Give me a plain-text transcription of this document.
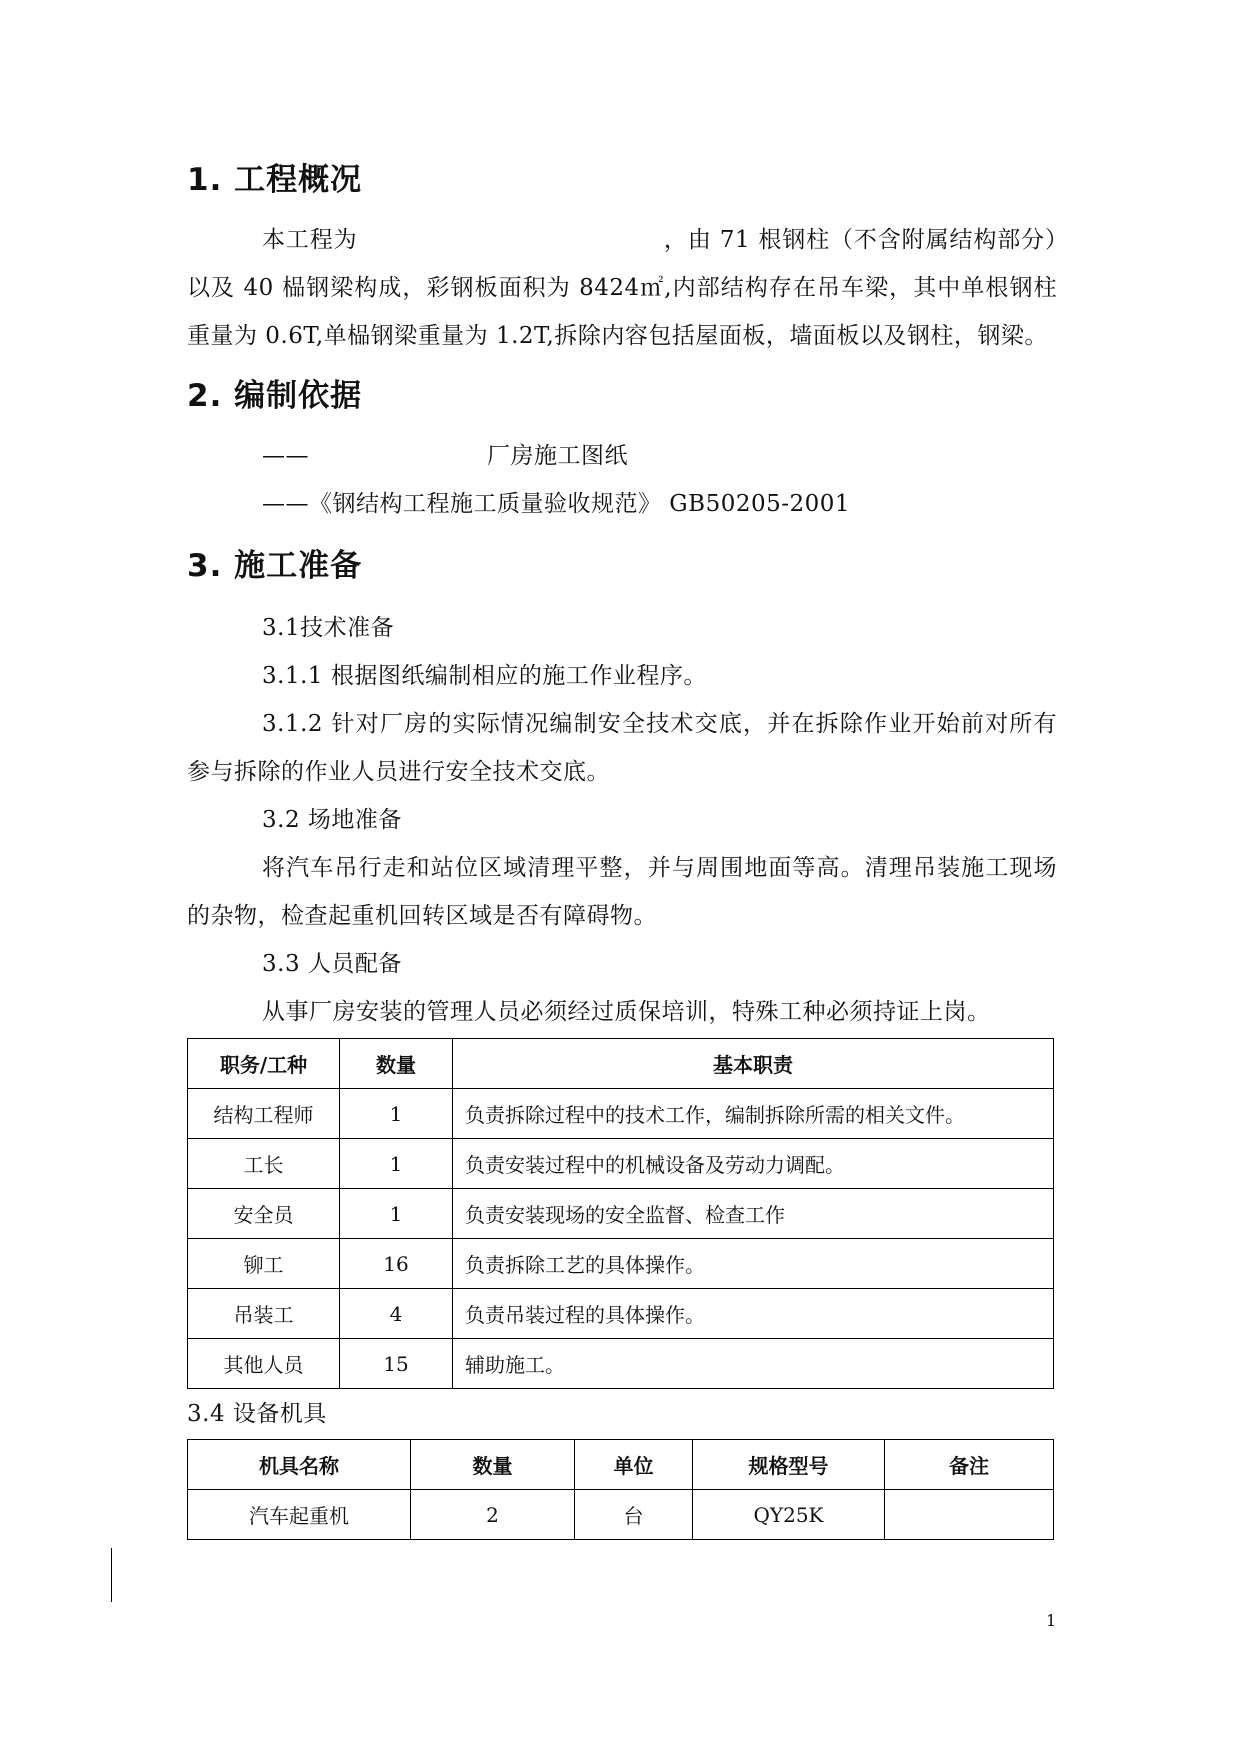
1. 工程概况

本工程为	，由 71 根钢柱（不含附属结构部分）以及 40 榀钢梁构成，彩钢板面积为 8424㎡,内部结构存在吊车梁，其中单根钢柱重量为 0.6T,单榀钢梁重量为 1.2T,拆除内容包括屋面板，墙面板以及钢柱，钢梁。

2. 编制依据

——	厂房施工图纸

——《钢结构工程施工质量验收规范》 GB50205-2001

3. 施工准备

3.1技术准备

3.1.1 根据图纸编制相应的施工作业程序。

3.1.2 针对厂房的实际情况编制安全技术交底，并在拆除作业开始前对所有参与拆除的作业人员进行安全技术交底。

3.2 场地准备

将汽车吊行走和站位区域清理平整，并与周围地面等高。清理吊装施工现场的杂物，检查起重机回转区域是否有障碍物。

3.3 人员配备

从事厂房安装的管理人员必须经过质保培训，特殊工种必须持证上岗。

职务/工种	数量	基本职责
结构工程师	1	负责拆除过程中的技术工作，编制拆除所需的相关文件。
工长	1	负责安装过程中的机械设备及劳动力调配。
安全员	1	负责安装现场的安全监督、检查工作
铆工	16	负责拆除工艺的具体操作。
吊装工	4	负责吊装过程的具体操作。
其他人员	15	辅助施工。

3.4 设备机具

机具名称	数量	单位	规格型号	备注
汽车起重机	2	台	QY25K	
1
